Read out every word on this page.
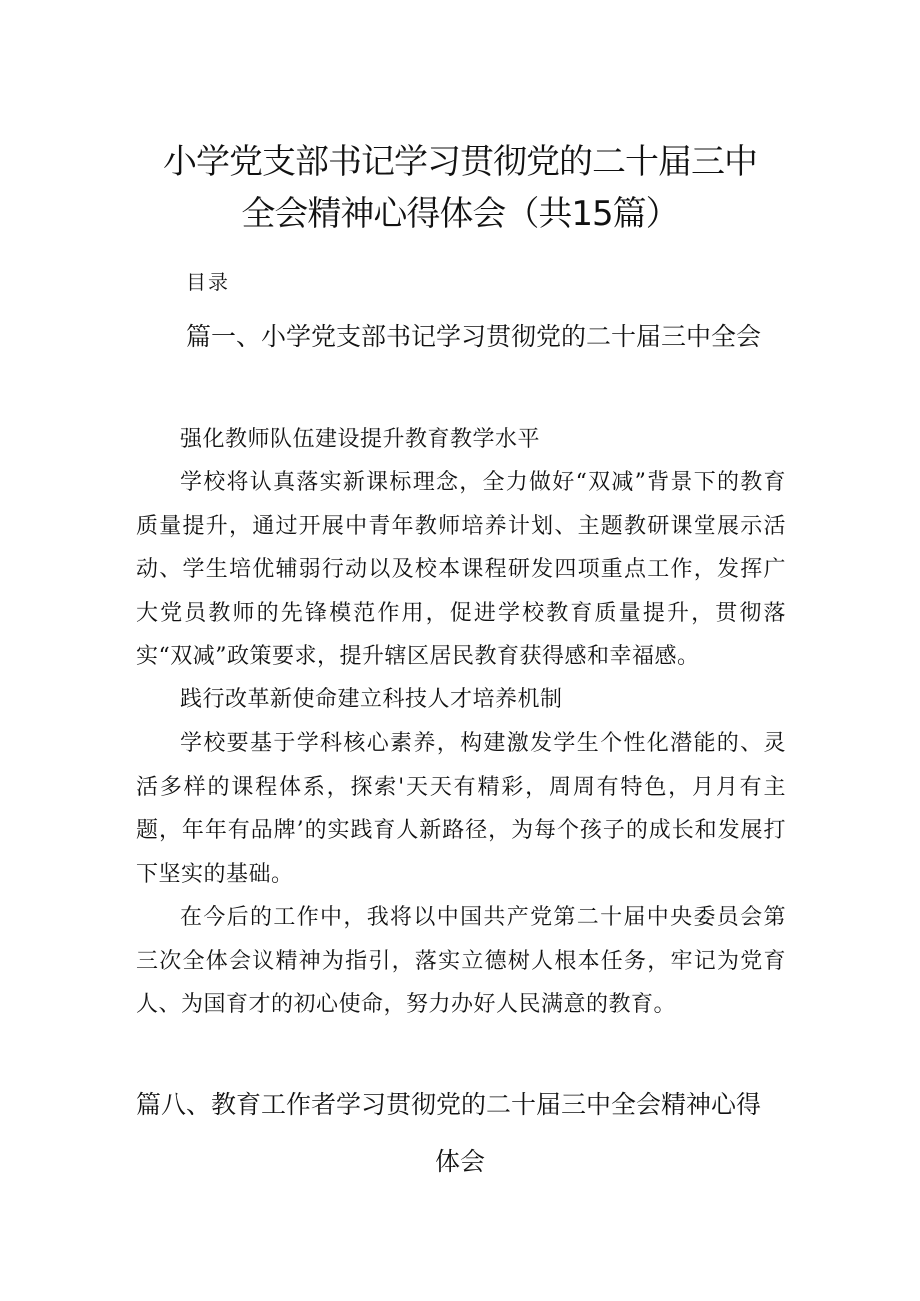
小学党支部书记学习贯彻党的二十届三中
全会精神心得体会（共15篇）
目录
篇一、小学党支部书记学习贯彻党的二十届三中全会

强化教师队伍建设提升教育教学水平

学校将认真落实新课标理念，全力做好“双减”背景下的教育质量提升，通过开展中青年教师培养计划、主题教研课堂展示活动、学生培优辅弱行动以及校本课程研发四项重点工作，发挥广大党员教师的先锋模范作用，促进学校教育质量提升，贯彻落实“双减”政策要求，提升辖区居民教育获得感和幸福感。

践行改革新使命建立科技人才培养机制

学校要基于学科核心素养，构建激发学生个性化潜能的、灵活多样的课程体系，探索'天天有精彩，周周有特色，月月有主题，年年有品牌’的实践育人新路径，为每个孩子的成长和发展打下坚实的基础。

在今后的工作中，我将以中国共产党第二十届中央委员会第三次全体会议精神为指引，落实立德树人根本任务，牢记为党育人、为国育才的初心使命，努力办好人民满意的教育。

篇八、教育工作者学习贯彻党的二十届三中全会精神心得
体会
